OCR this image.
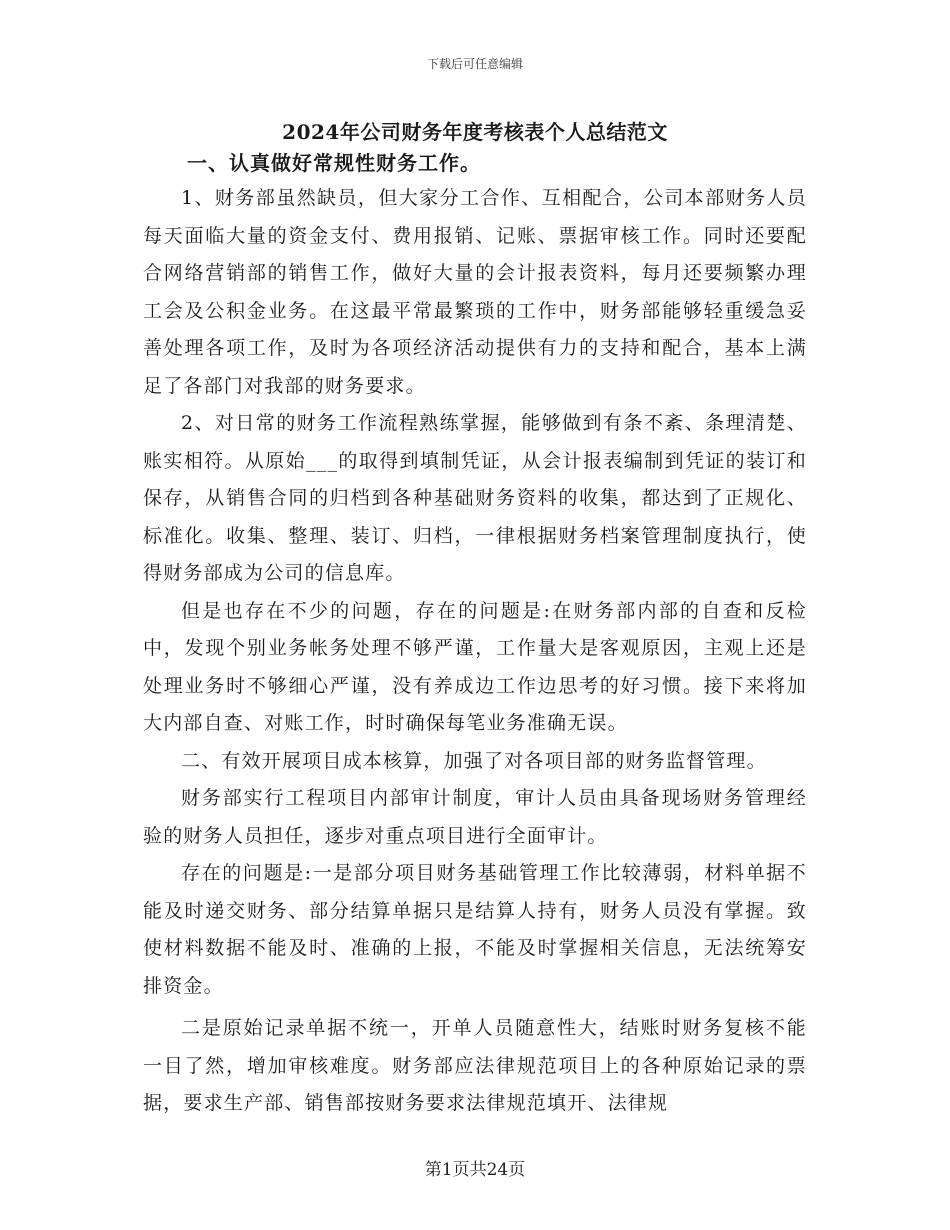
下载后可任意编辑
2024年公司财务年度考核表个人总结范文

一、认真做好常规性财务工作。

1、财务部虽然缺员，但大家分工合作、互相配合，公司本部财务人员每天面临大量的资金支付、费用报销、记账、票据审核工作。同时还要配合网络营销部的销售工作，做好大量的会计报表资料，每月还要频繁办理工会及公积金业务。在这最平常最繁琐的工作中，财务部能够轻重缓急妥善处理各项工作，及时为各项经济活动提供有力的支持和配合，基本上满足了各部门对我部的财务要求。

2、对日常的财务工作流程熟练掌握，能够做到有条不紊、条理清楚、账实相符。从原始___的取得到填制凭证，从会计报表编制到凭证的装订和保存，从销售合同的归档到各种基础财务资料的收集，都达到了正规化、标准化。收集、整理、装订、归档，一律根据财务档案管理制度执行，使得财务部成为公司的信息库。

但是也存在不少的问题，存在的问题是:在财务部内部的自查和反检中，发现个别业务帐务处理不够严谨，工作量大是客观原因，主观上还是处理业务时不够细心严谨，没有养成边工作边思考的好习惯。接下来将加大内部自查、对账工作，时时确保每笔业务准确无误。

二、有效开展项目成本核算，加强了对各项目部的财务监督管理。

财务部实行工程项目内部审计制度，审计人员由具备现场财务管理经验的财务人员担任，逐步对重点项目进行全面审计。

存在的问题是:一是部分项目财务基础管理工作比较薄弱，材料单据不能及时递交财务、部分结算单据只是结算人持有，财务人员没有掌握。致使材料数据不能及时、准确的上报，不能及时掌握相关信息，无法统筹安排资金。

二是原始记录单据不统一，开单人员随意性大，结账时财务复核不能一目了然，增加审核难度。财务部应法律规范项目上的各种原始记录的票据，要求生产部、销售部按财务要求法律规范填开、法律规

第1页共24页
